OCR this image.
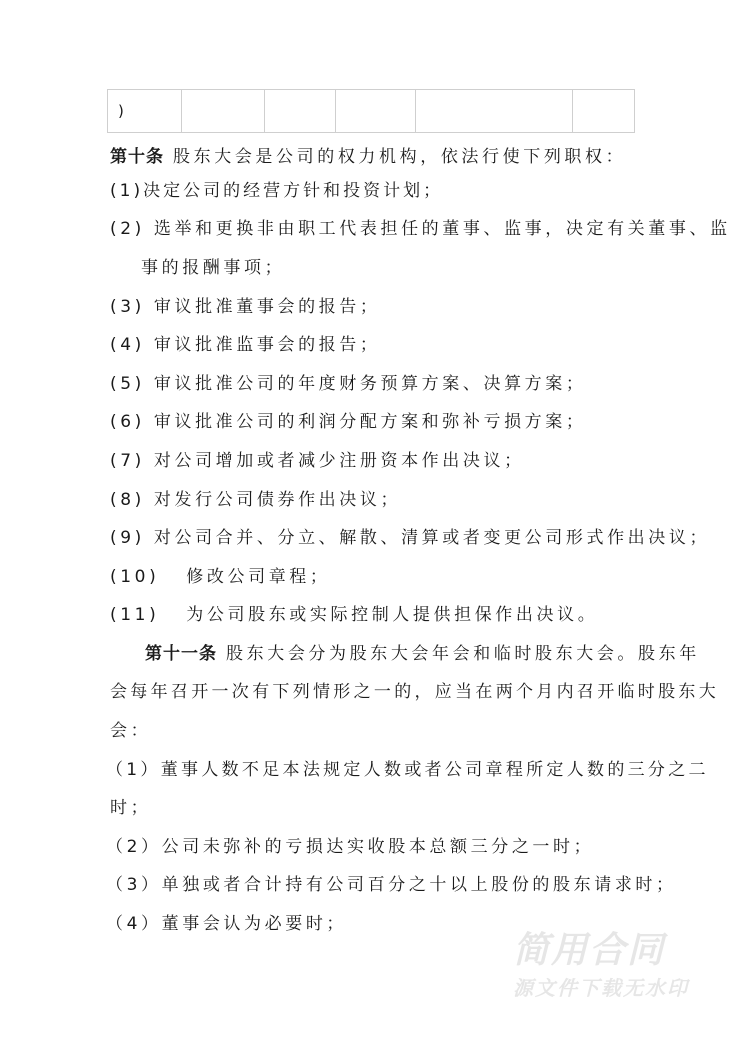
)					
第十条 股东大会是公司的权力机构，依法行使下列职权：
(1)决定公司的经营方针和投资计划；
(2) 选举和更换非由职工代表担任的董事、监事，决定有关董事、监
事的报酬事项；
(3) 审议批准董事会的报告；
(4) 审议批准监事会的报告；
(5) 审议批准公司的年度财务预算方案、决算方案；
(6) 审议批准公司的利润分配方案和弥补亏损方案；
(7) 对公司增加或者减少注册资本作出决议；
(8) 对发行公司债券作出决议；
(9) 对公司合并、分立、解散、清算或者变更公司形式作出决议；
(10)   修改公司章程；
(11)   为公司股东或实际控制人提供担保作出决议。
第十一条 股东大会分为股东大会年会和临时股东大会。股东年
会每年召开一次有下列情形之一的，应当在两个月内召开临时股东大
会：
（1）董事人数不足本法规定人数或者公司章程所定人数的三分之二
时；
（2）公司未弥补的亏损达实收股本总额三分之一时；
（3）单独或者合计持有公司百分之十以上股份的股东请求时；
（4）董事会认为必要时；
简用合同
源文件下载无水印
